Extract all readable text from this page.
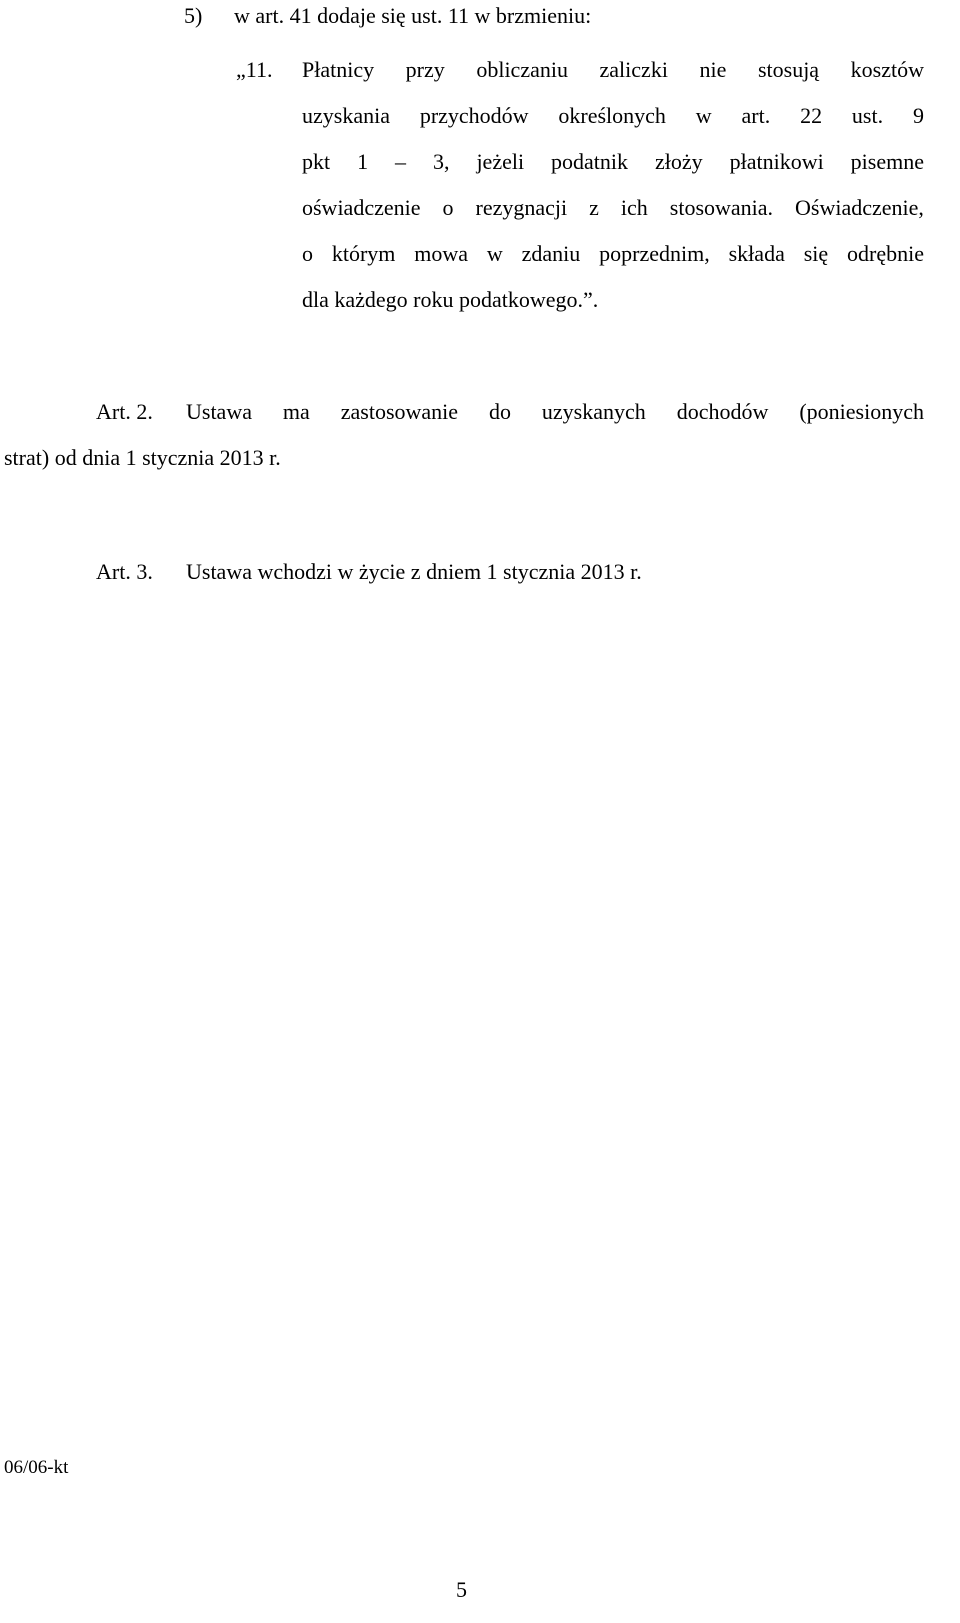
5) w art. 41 dodaje się ust. 11 w brzmieniu:
„11. Płatnicy przy obliczaniu zaliczki nie stosują kosztów
uzyskania przychodów określonych w art. 22 ust. 9
pkt 1 – 3, jeżeli podatnik złoży płatnikowi pisemne
oświadczenie o rezygnacji z ich stosowania. Oświadczenie,
o którym mowa w zdaniu poprzednim, składa się odrębnie
dla każdego roku podatkowego.”.
Art. 2. Ustawa ma zastosowanie do uzyskanych dochodów (poniesionych
strat) od dnia 1 stycznia 2013 r.
Art. 3. Ustawa wchodzi w życie z dniem 1 stycznia 2013 r.
06/06-kt
5
